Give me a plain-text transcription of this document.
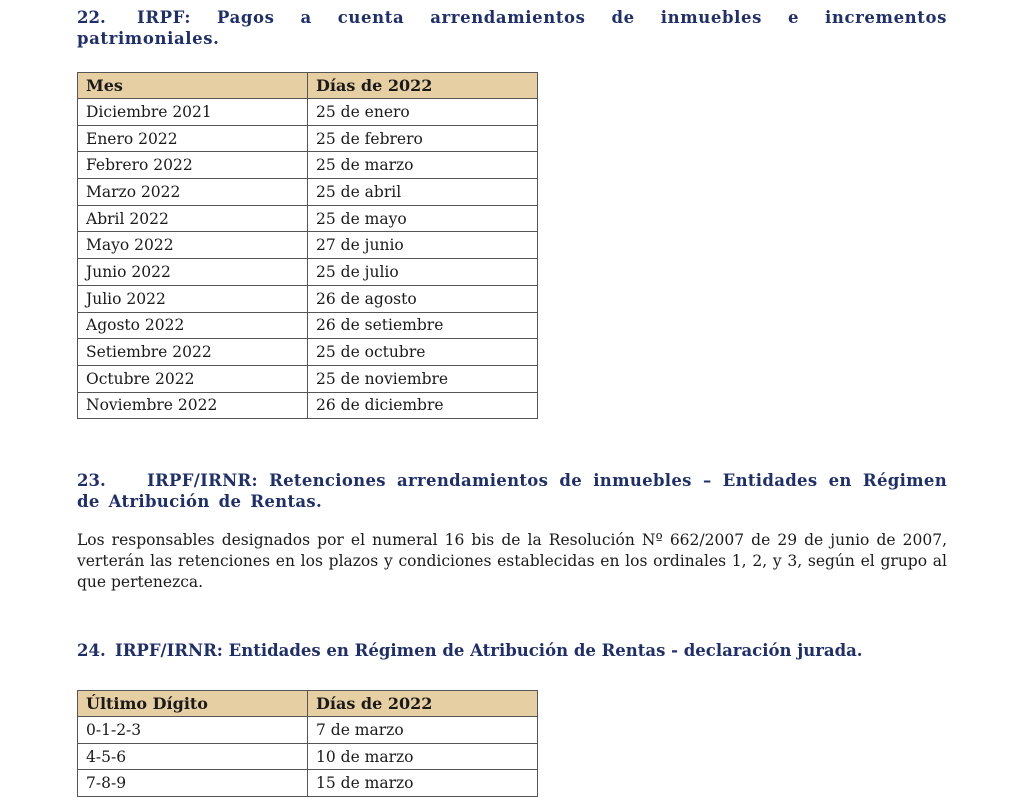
22. IRPF: Pagos a cuenta arrendamientos de inmuebles e incrementos patrimoniales.

Mes	Días de 2022
Diciembre 2021	25 de enero
Enero 2022	25 de febrero
Febrero 2022	25 de marzo
Marzo 2022	25 de abril
Abril 2022	25 de mayo
Mayo 2022	27 de junio
Junio 2022	25 de julio
Julio 2022	26 de agosto
Agosto 2022	26 de setiembre
Setiembre 2022	25 de octubre
Octubre 2022	25 de noviembre
Noviembre 2022	26 de diciembre

23.	IRPF/IRNR: Retenciones arrendamientos de inmuebles – Entidades en Régimen de Atribución de Rentas.

Los responsables designados por el numeral 16 bis de la Resolución Nº 662/2007 de 29 de junio de 2007, verterán las retenciones en los plazos y condiciones establecidas en los ordinales 1, 2, y 3, según el grupo al que pertenezca.

24. IRPF/IRNR: Entidades en Régimen de Atribución de Rentas - declaración jurada.

Último Dígito	Días de 2022
0-1-2-3	7 de marzo
4-5-6	10 de marzo
7-8-9	15 de marzo
